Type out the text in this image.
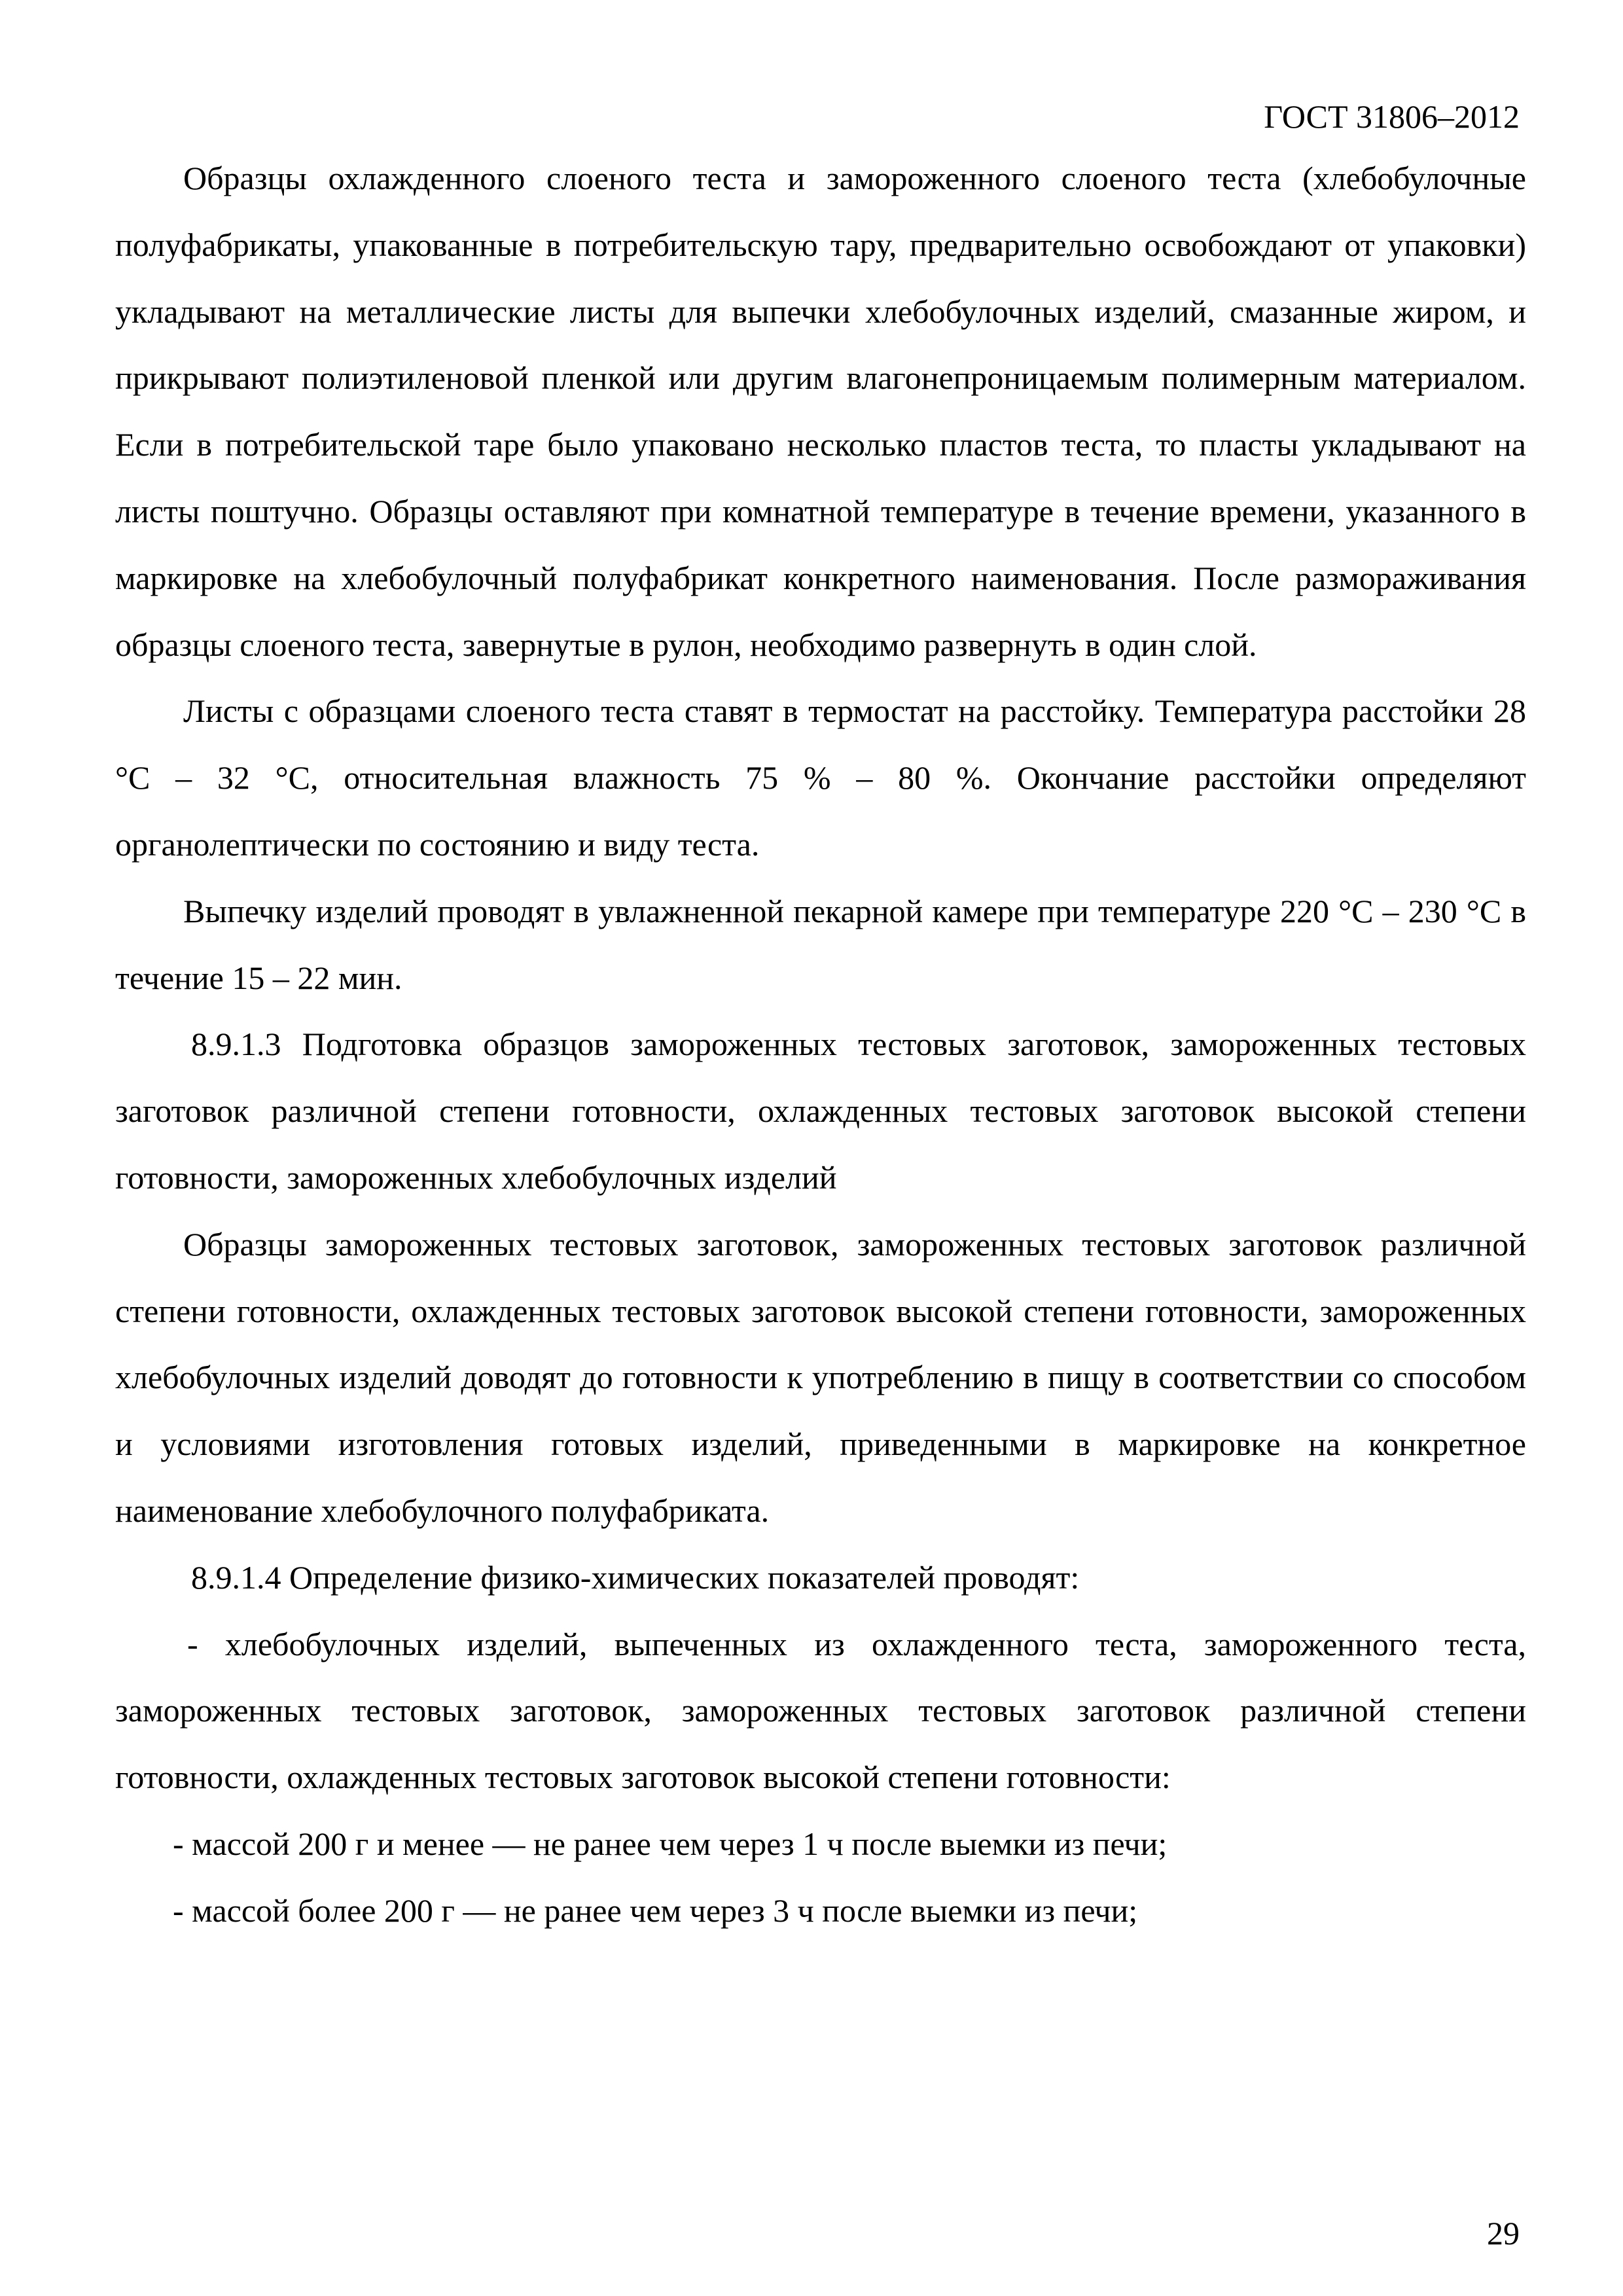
ГОСТ 31806–2012

Образцы охлажденного слоеного теста и замороженного слоеного теста (хлебобулочные полуфабрикаты, упакованные в потребительскую тару, предварительно освобождают от упаковки) укладывают на металлические листы для выпечки хлебобулочных изделий, смазанные жиром, и прикрывают полиэтиленовой пленкой или другим влагонепроницаемым полимерным материалом. Если в потребительской таре было упаковано несколько пластов теста, то пласты укладывают на листы поштучно. Образцы оставляют при комнатной температуре в течение времени, указанного в маркировке на хлебобулочный полуфабрикат конкретного наименования. После размораживания образцы слоеного теста, завернутые в рулон, необходимо развернуть в один слой.

Листы с образцами слоеного теста ставят в термостат на расстойку. Температура расстойки 28 °С – 32 °С, относительная влажность 75 % – 80 %. Окончание расстойки определяют органолептически по состоянию и виду теста.

Выпечку изделий проводят в увлажненной пекарной камере при температуре 220 °С – 230 °С в течение 15 – 22 мин.

8.9.1.3 Подготовка образцов замороженных тестовых заготовок, замороженных тестовых заготовок различной степени готовности, охлажденных тестовых заготовок высокой степени готовности, замороженных хлебобулочных изделий

Образцы замороженных тестовых заготовок, замороженных тестовых заготовок различной степени готовности, охлажденных тестовых заготовок высокой степени готовности, замороженных хлебобулочных изделий доводят до готовности к употреблению в пищу в соответствии со способом и условиями изготовления готовых изделий, приведенными в маркировке на конкретное наименование хлебобулочного полуфабриката.

8.9.1.4 Определение физико-химических показателей проводят:

- хлебобулочных изделий, выпеченных из охлажденного теста, замороженного теста, замороженных тестовых заготовок, замороженных тестовых заготовок различной степени готовности, охлажденных тестовых заготовок высокой степени готовности:

- массой 200 г и менее — не ранее чем через 1 ч после выемки из печи;

- массой более 200 г — не ранее чем через 3 ч после выемки из печи;

29
